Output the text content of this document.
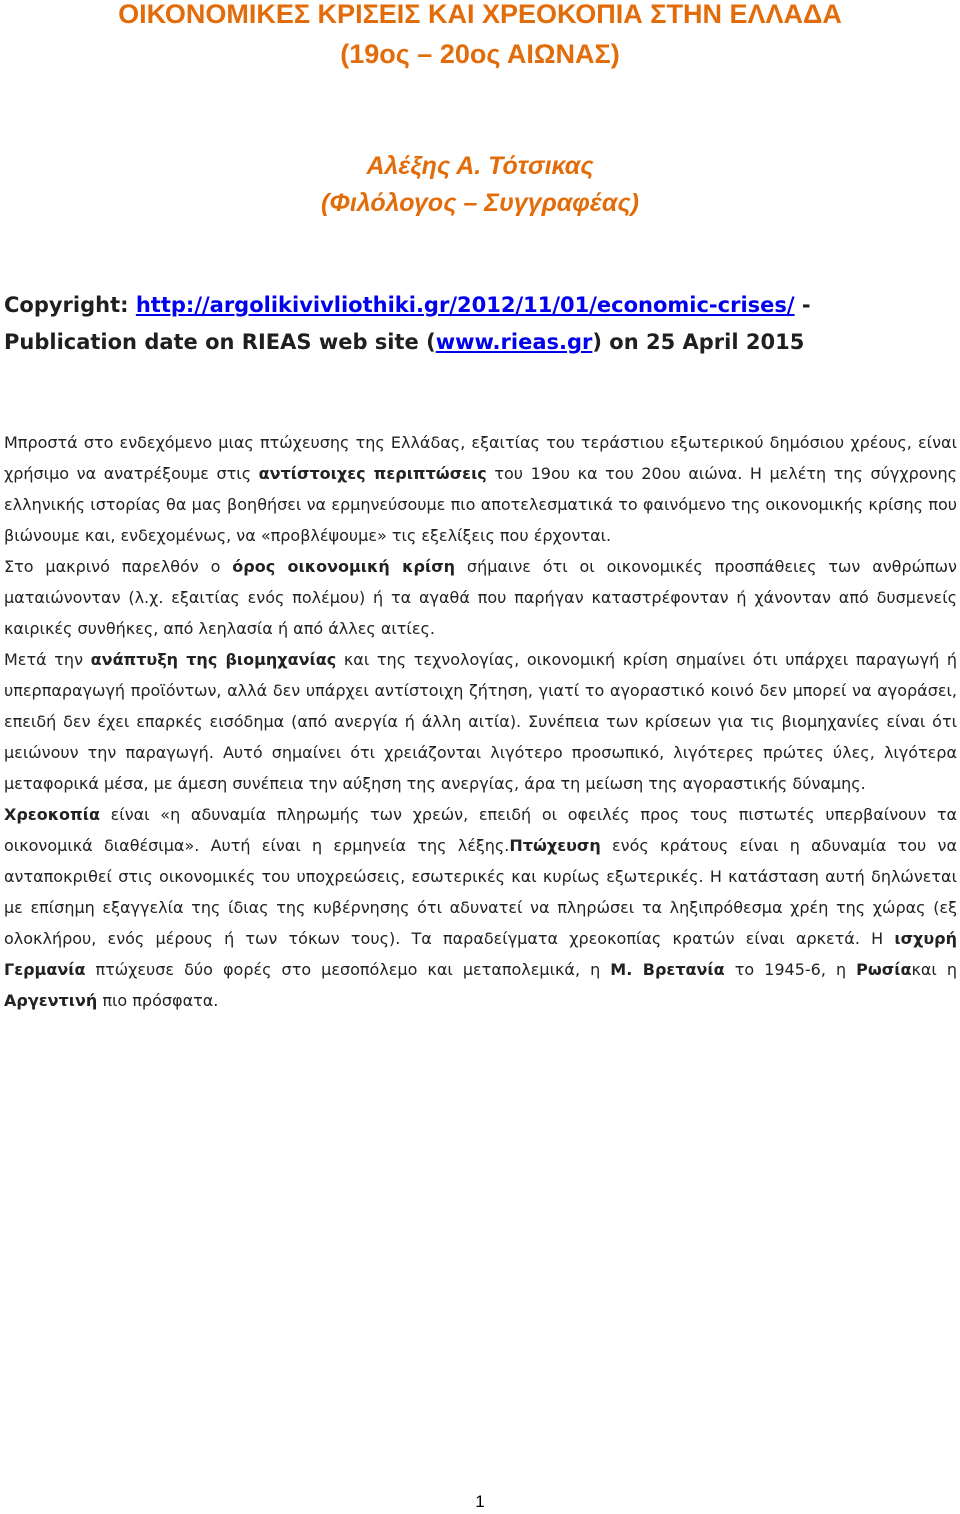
ΟΙΚΟΝΟΜΙΚΕΣ ΚΡΙΣΕΙΣ ΚΑΙ ΧΡΕΟΚΟΠΙΑ ΣΤΗΝ ΕΛΛΑΔΑ
(19ος – 20ος ΑΙΩΝΑΣ)
Αλέξης Α. Τότσικας
(Φιλόλογος – Συγγραφέας)
Copyright: http://argolikivivliothiki.gr/2012/11/01/economic-crises/ -
Publication date on RIEAS web site (www.rieas.gr) on 25 April 2015

Μπροστά στο ενδεχόμενο μιας πτώχευσης της Ελλάδας, εξαιτίας του τεράστιου εξωτερικού δημόσιου χρέους, είναι χρήσιμο να ανατρέξουμε στις αντίστοιχες περιπτώσεις του 19ου κα του 20ου αιώνα. Η μελέτη της σύγχρονης ελληνικής ιστορίας θα μας βοηθήσει να ερμηνεύσουμε πιο αποτελεσματικά το φαινόμενο της οικονομικής κρίσης που βιώνουμε και, ενδεχομένως, να «προβλέψουμε» τις εξελίξεις που έρχονται.

Στο μακρινό παρελθόν ο όρος οικονομική κρίση σήμαινε ότι οι οικονομικές προσπάθειες των ανθρώπων ματαιώνονταν (λ.χ. εξαιτίας ενός πολέμου) ή τα αγαθά που παρήγαν καταστρέφονταν ή χάνονταν από δυσμενείς καιρικές συνθήκες, από λεηλασία ή από άλλες αιτίες.

Μετά την ανάπτυξη της βιομηχανίας και της τεχνολογίας, οικονομική κρίση σημαίνει ότι υπάρχει παραγωγή ή υπερπαραγωγή προϊόντων, αλλά δεν υπάρχει αντίστοιχη ζήτηση, γιατί το αγοραστικό κοινό δεν μπορεί να αγοράσει, επειδή δεν έχει επαρκές εισόδημα (από ανεργία ή άλλη αιτία). Συνέπεια των κρίσεων για τις βιομηχανίες είναι ότι μειώνουν την παραγωγή. Αυτό σημαίνει ότι χρειάζονται λιγότερο προσωπικό, λιγότερες πρώτες ύλες, λιγότερα μεταφορικά μέσα, με άμεση συνέπεια την αύξηση της ανεργίας, άρα τη μείωση της αγοραστικής δύναμης.

Χρεοκοπία είναι «η αδυναμία πληρωμής των χρεών, επειδή οι οφειλές προς τους πιστωτές υπερβαίνουν τα οικονομικά διαθέσιμα». Αυτή είναι η ερμηνεία της λέξης.Πτώχευση ενός κράτους είναι η αδυναμία του να ανταποκριθεί στις οικονομικές του υποχρεώσεις, εσωτερικές και κυρίως εξωτερικές. Η κατάσταση αυτή δηλώνεται με επίσημη εξαγγελία της ίδιας της κυβέρνησης ότι αδυνατεί να πληρώσει τα ληξιπρόθεσμα χρέη της χώρας (εξ ολοκλήρου, ενός μέρους ή των τόκων τους). Τα παραδείγματα χρεοκοπίας κρατών είναι αρκετά. Η ισχυρή Γερμανία πτώχευσε δύο φορές στο μεσοπόλεμο και μεταπολεμικά, η Μ. Βρετανία το 1945-6, η Ρωσίακαι η Αργεντινή πιο πρόσφατα.

1
